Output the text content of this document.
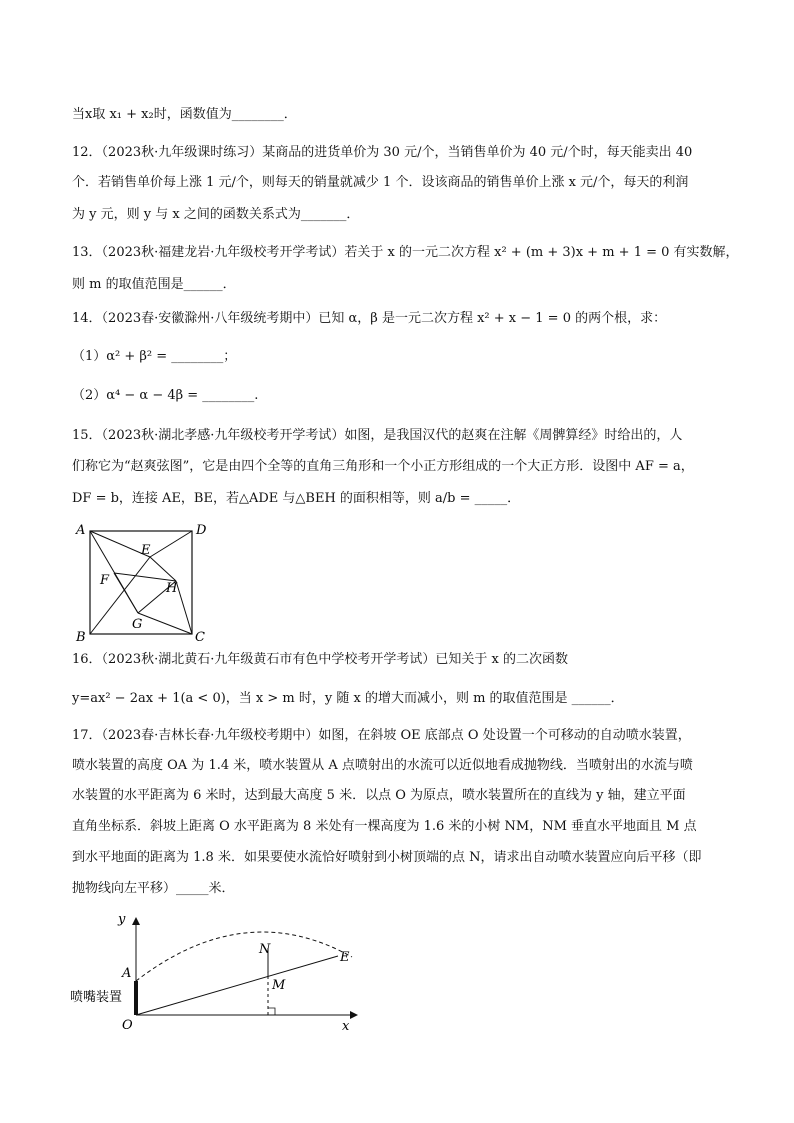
当x取 x₁ + x₂时，函数值为________．
12．（2023秋·九年级课时练习）某商品的进货单价为 30 元/个，当销售单价为 40 元/个时，每天能卖出 40
个．若销售单价每上涨 1 元/个，则每天的销量就减少 1 个．设该商品的销售单价上涨 x 元/个，每天的利润
为 y 元，则 y 与 x 之间的函数关系式为_______．
13．（2023秋·福建龙岩·九年级校考开学考试）若关于 x 的一元二次方程 x² + (m + 3)x + m + 1 = 0 有实数解，
则 m 的取值范围是______．
14．（2023春·安徽滁州·八年级统考期中）已知 α，β 是一元二次方程 x² + x − 1 = 0 的两个根，求：
（1）α² + β² = ________；
（2）α⁴ − α − 4β = ________.
15．（2023秋·湖北孝感·九年级校考开学考试）如图，是我国汉代的赵爽在注解《周髀算经》时给出的，人
们称它为“赵爽弦图”，它是由四个全等的直角三角形和一个小正方形组成的一个大正方形．设图中 AF = a，
DF = b，连接 AE，BE，若△ADE 与△BEH 的面积相等，则 a/b = _____．
A	D
B	C
E
F
G
H
16．（2023秋·湖北黄石·九年级黄石市有色中学校考开学考试）已知关于 x 的二次函数
y=ax² − 2ax + 1(a < 0)，当 x > m 时，y 随 x 的增大而减小，则 m 的取值范围是 ______．
17．（2023春·吉林长春·九年级校考期中）如图，在斜坡 OE 底部点 O 处设置一个可移动的自动喷水装置，
喷水装置的高度 OA 为 1.4 米，喷水装置从 A 点喷射出的水流可以近似地看成抛物线．当喷射出的水流与喷
水装置的水平距离为 6 米时，达到最大高度 5 米．以点 O 为原点，喷水装置所在的直线为 y 轴，建立平面
直角坐标系．斜坡上距离 O 水平距离为 8 米处有一棵高度为 1.6 米的小树 NM，NM 垂直水平地面且 M 点
到水平地面的距离为 1.8 米．如果要使水流恰好喷射到小树顶端的点 N，请求出自动喷水装置应向后平移（即
抛物线向左平移）_____米．
y
x
O
A
N
M
E
喷嘴装置
